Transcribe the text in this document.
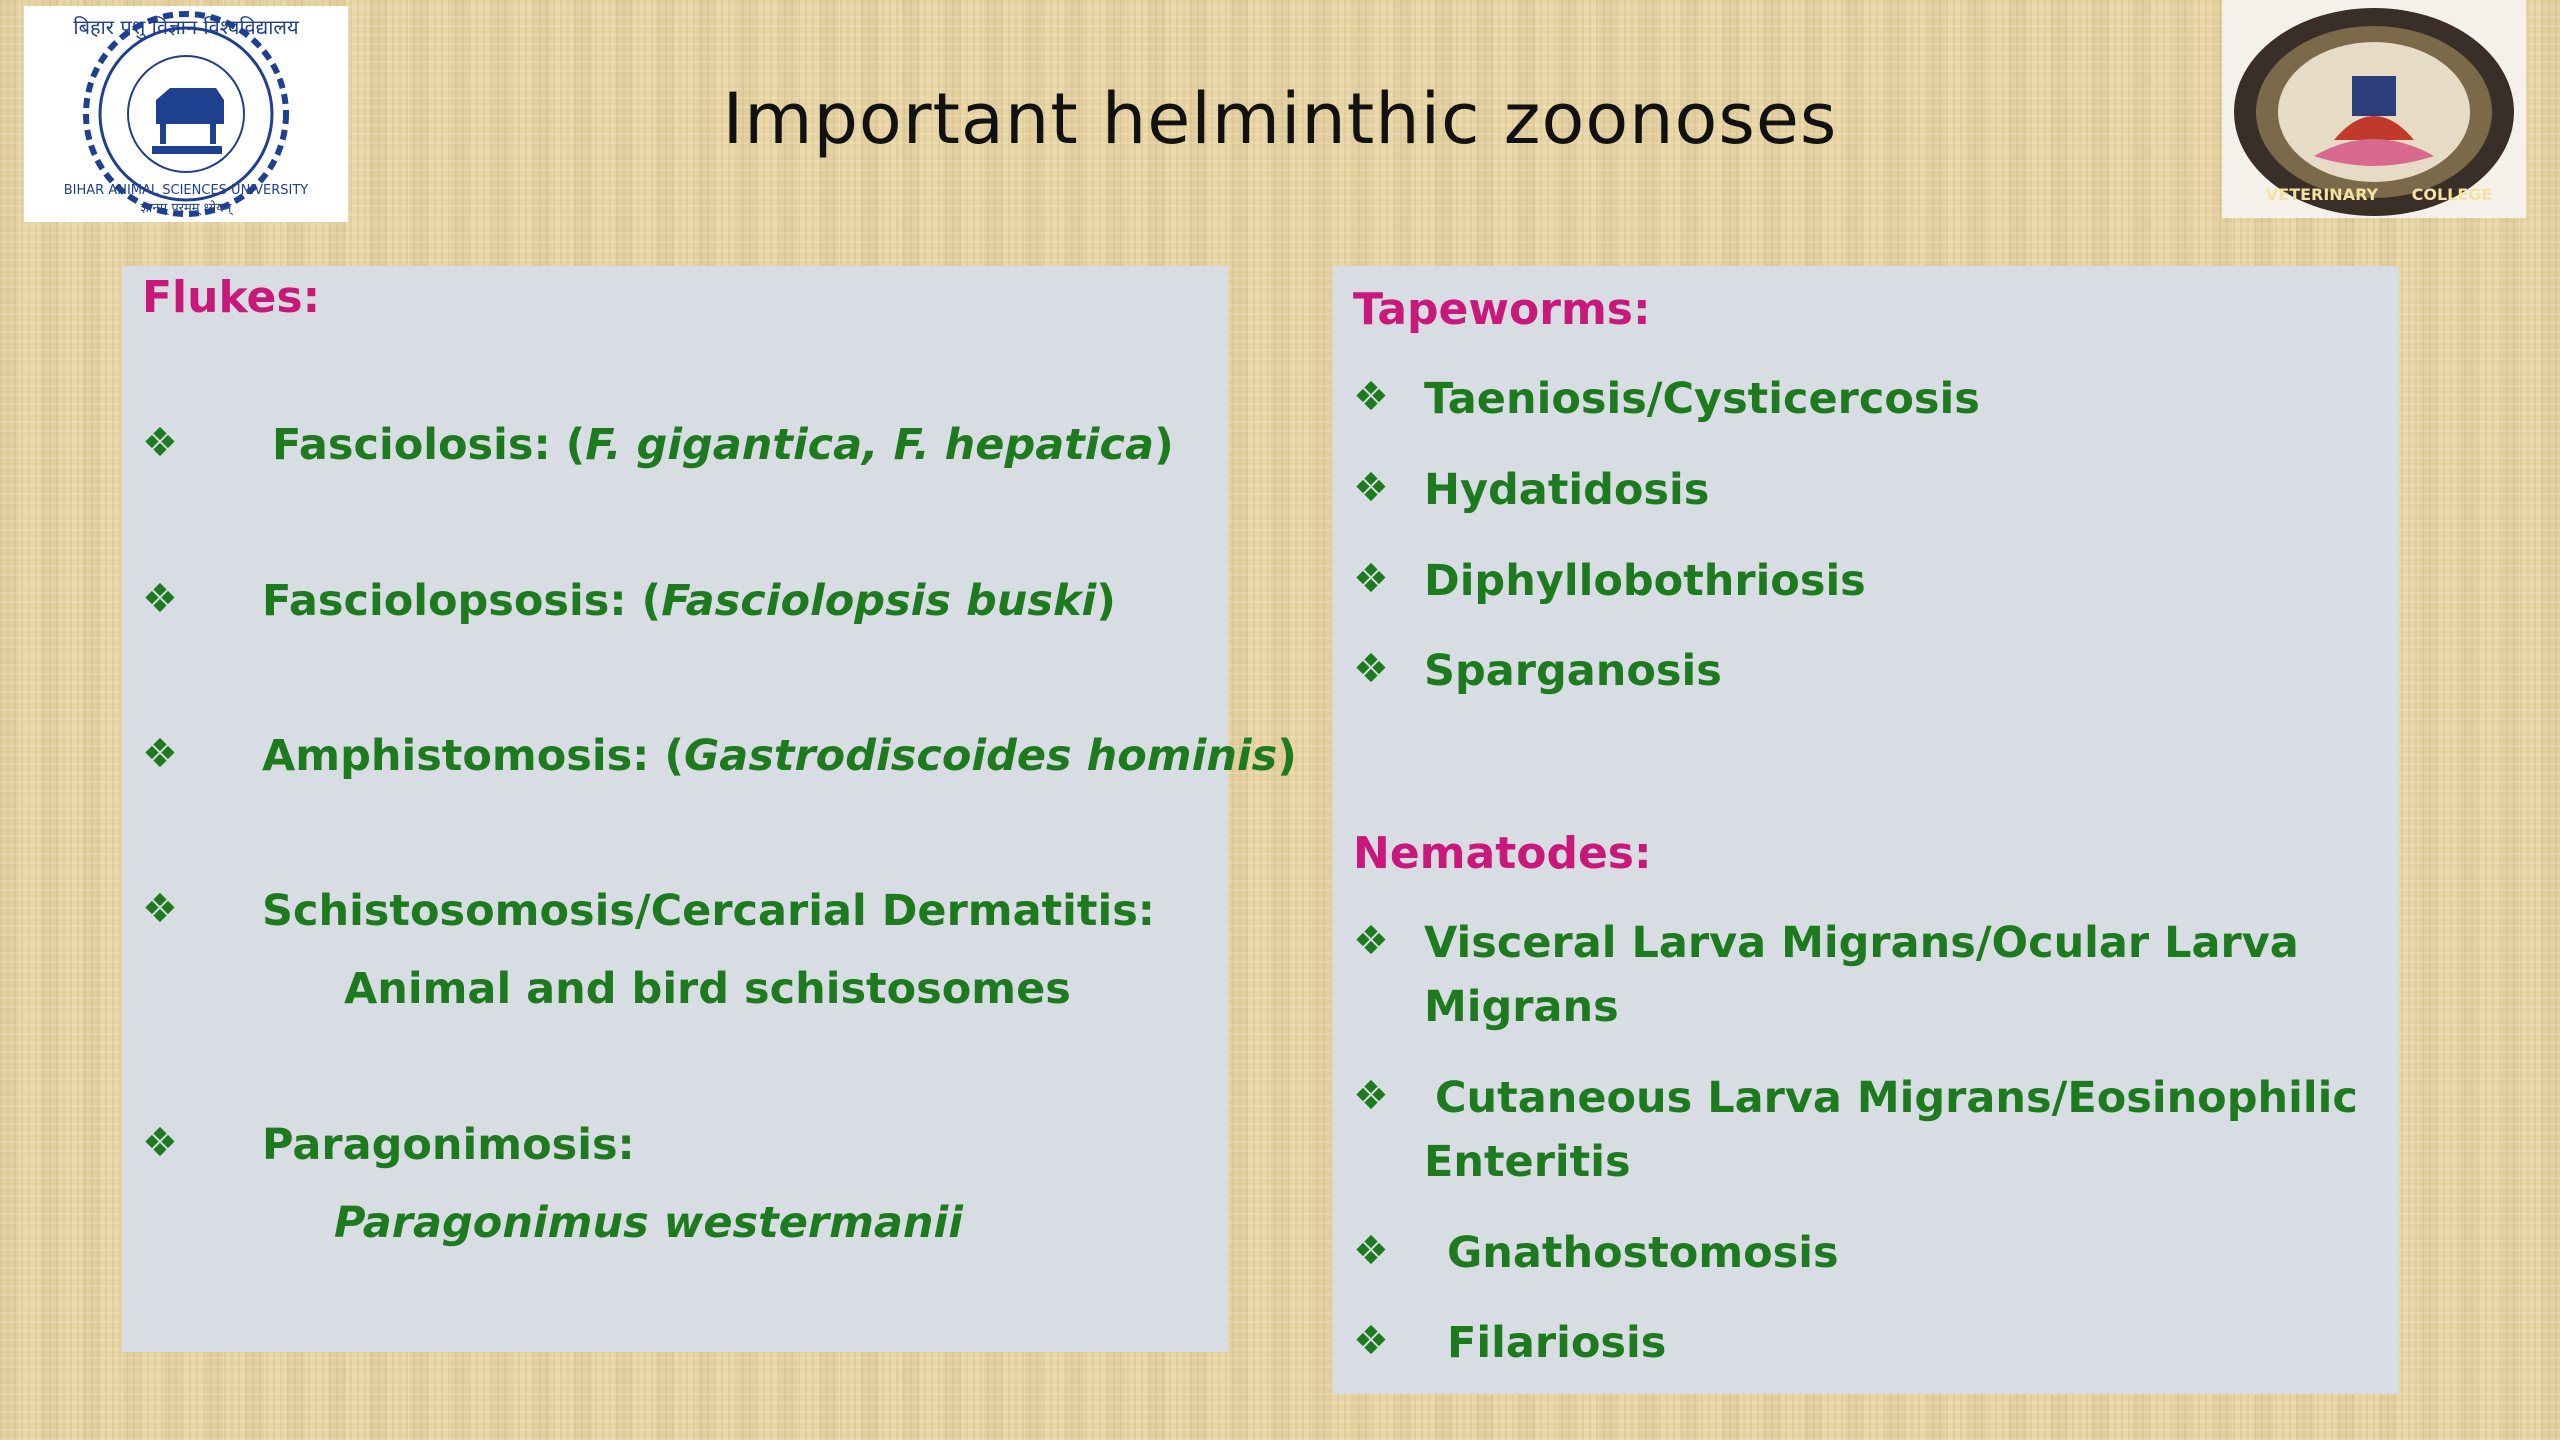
बिहार पशु विज्ञान विश्वविद्यालय
BIHAR ANIMAL SCIENCES UNIVERSITY
ज्ञानम् परमम् ध्येयम्
VETERINARY COLLEGE
Important helminthic zoonoses
Flukes:
❖ Fasciolosis: (F. gigantica, F. hepatica)
❖ Fasciolopsosis: (Fasciolopsis buski)
❖ Amphistomosis: (Gastrodiscoides hominis)
❖ Schistosomosis/Cercarial Dermatitis:
Animal and bird schistosomes
❖ Paragonimosis:
Paragonimus westermanii
Tapeworms:
❖ Taeniosis/Cysticercosis
❖ Hydatidosis
❖ Diphyllobothriosis
❖ Sparganosis
Nematodes:
❖ Visceral Larva Migrans/Ocular Larva
Migrans
❖ Cutaneous Larva Migrans/Eosinophilic
Enteritis
❖ Gnathostomosis
❖ Filariosis
